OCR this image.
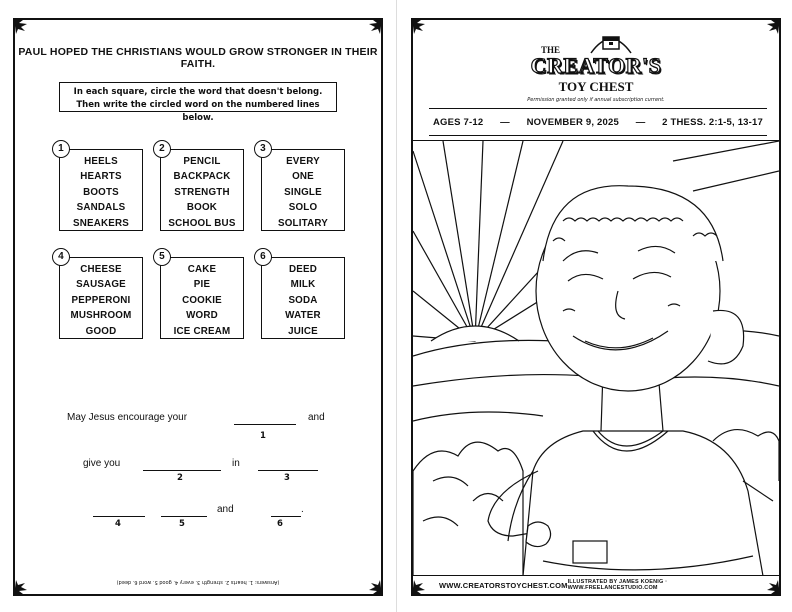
PAUL HOPED THE CHRISTIANS WOULD GROW STRONGER IN THEIR FAITH.
In each square, circle the word that doesn't belong.
Then write the circled word on the numbered lines below.
1
HEELS
HEARTS
BOOTS
SANDALS
SNEAKERS
2
PENCIL
BACKPACK
STRENGTH
BOOK
SCHOOL BUS
3
EVERY
ONE
SINGLE
SOLO
SOLITARY
4
CHEESE
SAUSAGE
PEPPERONI
MUSHROOM
GOOD
5
CAKE
PIE
COOKIE
WORD
ICE CREAM
6
DEED
MILK
SODA
WATER
JUICE
May Jesus encourage your
1
and
give you
2
in
3
4	5
and	.
6
(Answers: 1. hearts 2. strength 3. every 4. good 5. word 6. deed)
THE
CREATOR'S
TOY CHEST
Permission granted only if annual subscription current.
AGES 7-12 — NOVEMBER 9, 2025 — 2 THESS. 2:1-5, 13-17
WWW.CREATORSTOYCHEST.COM ILLUSTRATED BY JAMES KOENIG · WWW.FREELANCESTUDIO.COM
